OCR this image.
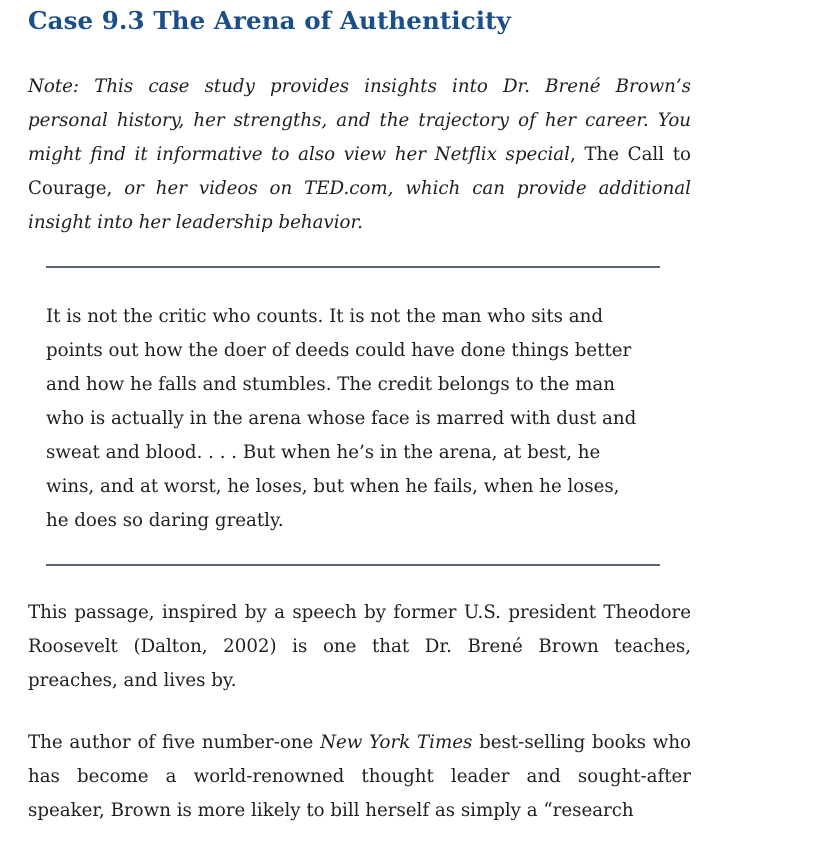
Case 9.3 The Arena of Authenticity

Note: This case study provides insights into Dr. Brené Brown’s personal history, her strengths, and the trajectory of her career. You might find it informative to also view her Netflix special, The Call to Courage, or her videos on TED.com, which can provide additional insight into her leadership behavior.

It is not the critic who counts. It is not the man who sits and points out how the doer of deeds could have done things better and how he falls and stumbles. The credit belongs to the man who is actually in the arena whose face is marred with dust and sweat and blood. . . . But when he’s in the arena, at best, he wins, and at worst, he loses, but when he fails, when he loses, he does so daring greatly.

This passage, inspired by a speech by former U.S. president Theodore Roosevelt (Dalton, 2002) is one that Dr. Brené Brown teaches, preaches, and lives by.

The author of five number-one New York Times best-selling books who has become a world-renowned thought leader and sought-after speaker, Brown is more likely to bill herself as simply a “research
